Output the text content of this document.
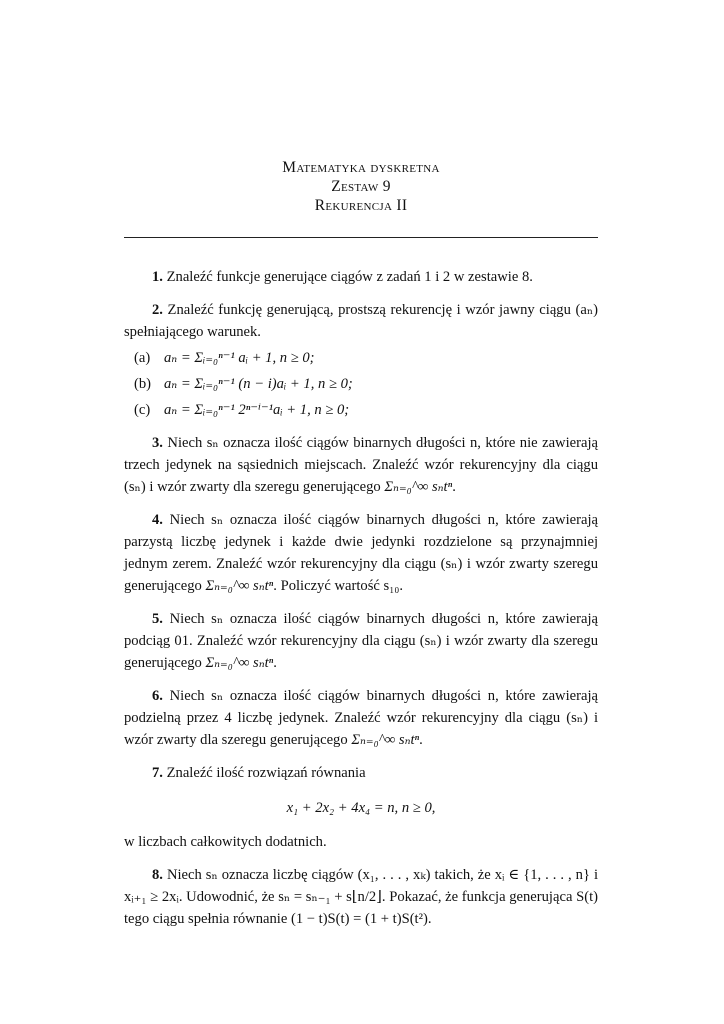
Matematyka dyskretna
Zestaw 9
Rekurencja II

1. Znaleźć funkcje generujące ciągów z zadań 1 i 2 w zestawie 8.

2. Znaleźć funkcję generującą, prostszą rekurencję i wzór jawny ciągu (aₙ) spełniającego warunek.

(a) aₙ = Σᵢ₌₀ⁿ⁻¹ aᵢ + 1, n ≥ 0;
(b) aₙ = Σᵢ₌₀ⁿ⁻¹ (n − i)aᵢ + 1, n ≥ 0;
(c) aₙ = Σᵢ₌₀ⁿ⁻¹ 2ⁿ⁻ⁱ⁻¹aᵢ + 1, n ≥ 0;

3. Niech sₙ oznacza ilość ciągów binarnych długości n, które nie zawierają trzech jedynek na sąsiednich miejscach. Znaleźć wzór rekurencyjny dla ciągu (sₙ) i wzór zwarty dla szeregu generującego Σₙ₌₀^∞ sₙtⁿ.

4. Niech sₙ oznacza ilość ciągów binarnych długości n, które zawierają parzystą liczbę jedynek i każde dwie jedynki rozdzielone są przynajmniej jednym zerem. Znaleźć wzór rekurencyjny dla ciągu (sₙ) i wzór zwarty szeregu generującego Σₙ₌₀^∞ sₙtⁿ. Policzyć wartość s₁₀.

5. Niech sₙ oznacza ilość ciągów binarnych długości n, które zawierają podciąg 01. Znaleźć wzór rekurencyjny dla ciągu (sₙ) i wzór zwarty dla szeregu generującego Σₙ₌₀^∞ sₙtⁿ.

6. Niech sₙ oznacza ilość ciągów binarnych długości n, które zawierają podzielną przez 4 liczbę jedynek. Znaleźć wzór rekurencyjny dla ciągu (sₙ) i wzór zwarty dla szeregu generującego Σₙ₌₀^∞ sₙtⁿ.

7. Znaleźć ilość rozwiązań równania

x₁ + 2x₂ + 4x₄ = n, n ≥ 0,

w liczbach całkowitych dodatnich.

8. Niech sₙ oznacza liczbę ciągów (x₁, . . . , xₖ) takich, że xᵢ ∈ {1, . . . , n} i xᵢ₊₁ ≥ 2xᵢ. Udowodnić, że sₙ = sₙ₋₁ + s⌊n/2⌋. Pokazać, że funkcja generująca S(t) tego ciągu spełnia równanie (1 − t)S(t) = (1 + t)S(t²).
